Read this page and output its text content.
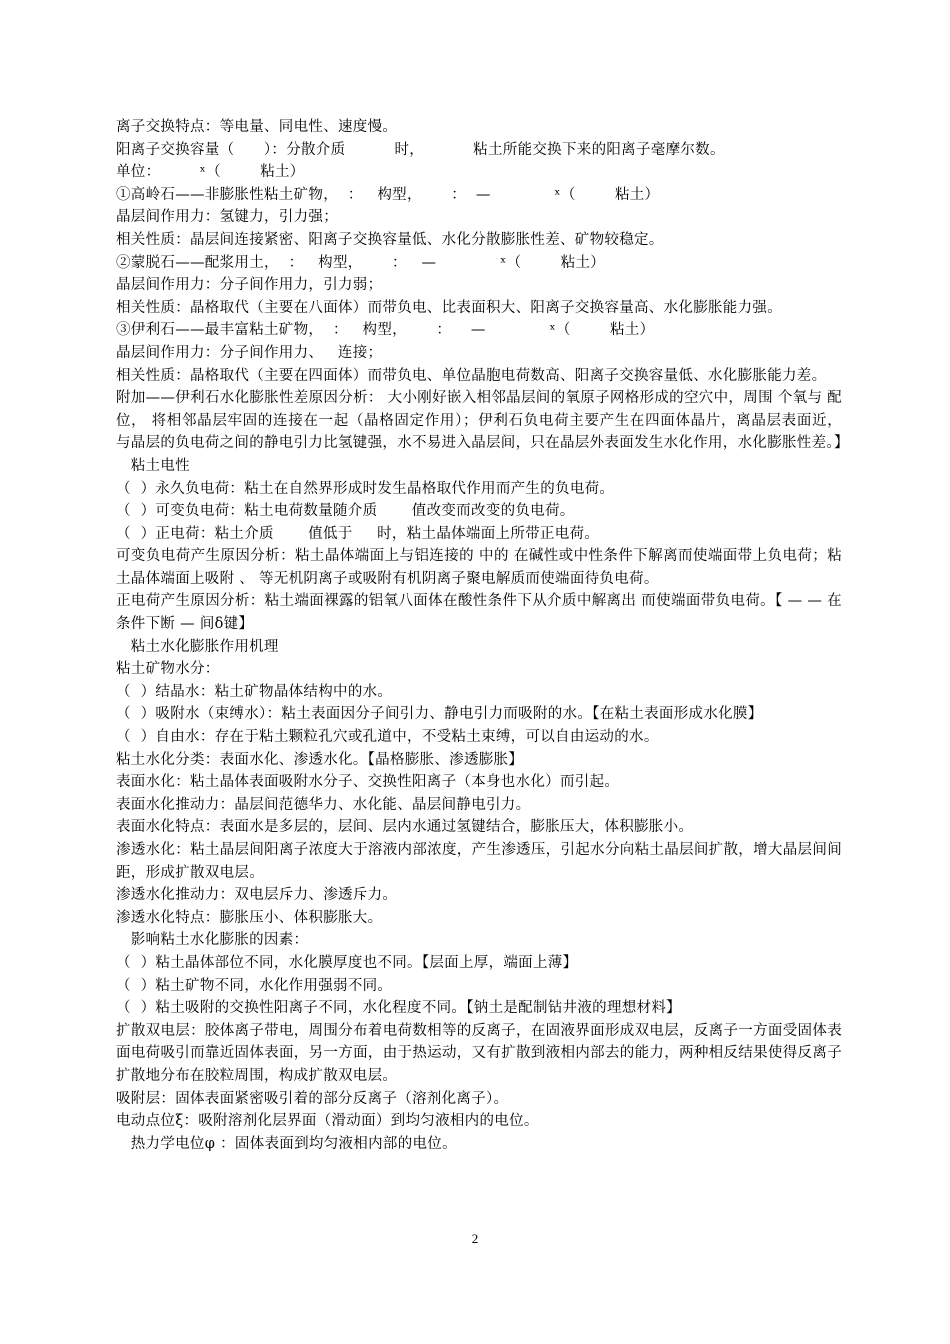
离子交换特点：等电量、同电性、速度慢。
阳离子交换容量（      ）：分散介质          时，          粘土所能交换下来的阳离子毫摩尔数。
单位：        ˣ（        粘土）
①高岭石——非膨胀性粘土矿物，  ：   构型，      ：  —             ˣ（        粘土）
晶层间作用力：氢键力，引力强；
相关性质：晶层间连接紧密、阳离子交换容量低、水化分散膨胀性差、矿物较稳定。
②蒙脱石——配浆用土，  ：   构型，      ：   —             ˣ（        粘土）
晶层间作用力：分子间作用力，引力弱；
相关性质：晶格取代（主要在八面体）而带负电、比表面积大、阳离子交换容量高、水化膨胀能力强。
③伊利石——最丰富粘土矿物，  ：   构型，      ：    —             ˣ（        粘土）
晶层间作用力：分子间作用力、   连接；
相关性质：晶格取代（主要在四面体）而带负电、单位晶胞电荷数高、阳离子交换容量低、水化膨胀能力差。
附加——伊利石水化膨胀性差原因分析： 大小刚好嵌入相邻晶层间的氧原子网格形成的空穴中，周围 个氧与 配位， 将相邻晶层牢固的连接在一起（晶格固定作用）；伊利石负电荷主要产生在四面体晶片，离晶层表面近， 与晶层的负电荷之间的静电引力比氢键强，水不易进入晶层间，只在晶层外表面发生水化作用，水化膨胀性差。】
粘土电性
（  ）永久负电荷：粘土在自然界形成时发生晶格取代作用而产生的负电荷。
（  ）可变负电荷：粘土电荷数量随介质       值改变而改变的负电荷。
（  ）正电荷：粘土介质       值低于     时，粘土晶体端面上所带正电荷。
可变负电荷产生原因分析：粘土晶体端面上与铝连接的 中的 在碱性或中性条件下解离而使端面带上负电荷；粘土晶体端面上吸附 、 等无机阴离子或吸附有机阴离子聚电解质而使端面待负电荷。
正电荷产生原因分析：粘土端面裸露的铝氧八面体在酸性条件下从介质中解离出 而使端面带负电荷。【 — — 在 条件下断 — 间δ键】
粘土水化膨胀作用机理
粘土矿物水分：
（  ）结晶水：粘土矿物晶体结构中的水。
（  ）吸附水（束缚水）：粘土表面因分子间引力、静电引力而吸附的水。【在粘土表面形成水化膜】
（  ）自由水：存在于粘土颗粒孔穴或孔道中，不受粘土束缚，可以自由运动的水。
粘土水化分类：表面水化、渗透水化。【晶格膨胀、渗透膨胀】
表面水化：粘土晶体表面吸附水分子、交换性阳离子（本身也水化）而引起。
表面水化推动力：晶层间范德华力、水化能、晶层间静电引力。
表面水化特点：表面水是多层的，层间、层内水通过氢键结合，膨胀压大，体积膨胀小。
渗透水化：粘土晶层间阳离子浓度大于溶液内部浓度，产生渗透压，引起水分向粘土晶层间扩散，增大晶层间间距，形成扩散双电层。
渗透水化推动力：双电层斥力、渗透斥力。
渗透水化特点：膨胀压小、体积膨胀大。
影响粘土水化膨胀的因素：
（  ）粘土晶体部位不同，水化膜厚度也不同。【层面上厚，端面上薄】
（  ）粘土矿物不同，水化作用强弱不同。
（  ）粘土吸附的交换性阳离子不同，水化程度不同。【钠土是配制钻井液的理想材料】
扩散双电层：胶体离子带电，周围分布着电荷数相等的反离子，在固液界面形成双电层，反离子一方面受固体表面电荷吸引而靠近固体表面，另一方面，由于热运动，又有扩散到液相内部去的能力，两种相反结果使得反离子扩散地分布在胶粒周围，构成扩散双电层。
吸附层：固体表面紧密吸引着的部分反离子（溶剂化离子）。
电动点位ξ：吸附溶剂化层界面（滑动面）到均匀液相内的电位。
热力学电位φ ：固体表面到均匀液相内部的电位。
2
